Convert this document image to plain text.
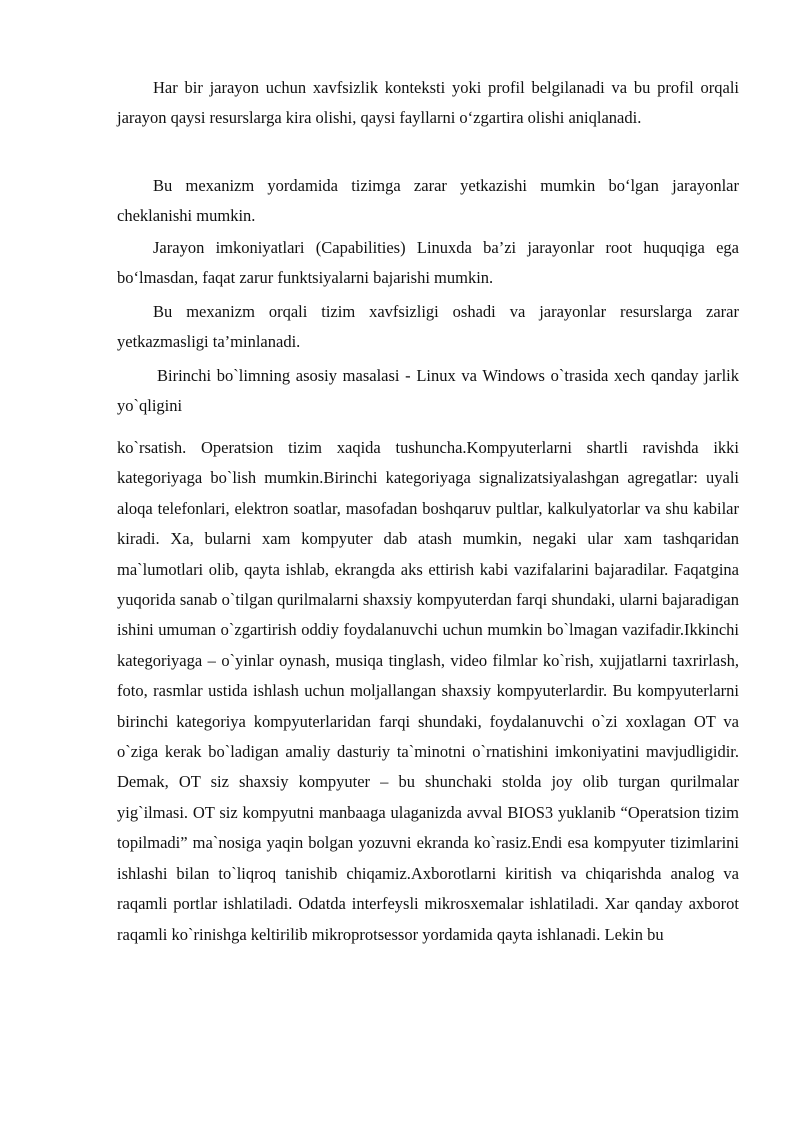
Har bir jarayon uchun xavfsizlik konteksti yoki profil belgilanadi va bu profil orqali jarayon qaysi resurslarga kira olishi, qaysi fayllarni o‘zgartira olishi aniqlanadi.

Bu mexanizm yordamida tizimga zarar yetkazishi mumkin bo‘lgan jarayonlar cheklanishi mumkin.

Jarayon imkoniyatlari (Capabilities) Linuxda ba’zi jarayonlar root huquqiga ega bo‘lmasdan, faqat zarur funktsiyalarni bajarishi mumkin.

Bu mexanizm orqali tizim xavfsizligi oshadi va jarayonlar resurslarga zarar yetkazmasligi ta’minlanadi.

Birinchi bo`limning asosiy masalasi - Linux va Windows o`trasida xech qanday jarlik yo`qligini

ko`rsatish. Operatsion tizim xaqida tushuncha.Kompyuterlarni shartli ravishda ikki kategoriyaga bo`lish mumkin.Birinchi kategoriyaga signalizatsiyalashgan agregatlar: uyali aloqa telefonlari, elektron soatlar, masofadan boshqaruv pultlar, kalkulyatorlar va shu kabilar kiradi. Xa, bularni xam kompyuter dab atash mumkin, negaki ular xam tashqaridan ma`lumotlari olib, qayta ishlab, ekrangda aks ettirish kabi vazifalarini bajaradilar. Faqatgina yuqorida sanab o`tilgan qurilmalarni shaxsiy kompyuterdan farqi shundaki, ularni bajaradigan ishini umuman o`zgartirish oddiy foydalanuvchi uchun mumkin bo`lmagan vazifadir.Ikkinchi kategoriyaga – o`yinlar oynash, musiqa tinglash, video filmlar ko`rish, xujjatlarni taxrirlash, foto, rasmlar ustida ishlash uchun moljallangan shaxsiy kompyuterlardir. Bu kompyuterlarni birinchi kategoriya kompyuterlaridan farqi shundaki, foydalanuvchi o`zi xoxlagan OT va o`ziga kerak bo`ladigan amaliy dasturiy ta`minotni o`rnatishini imkoniyatini mavjudligidir. Demak, OT siz shaxsiy kompyuter – bu shunchaki stolda joy olib turgan qurilmalar yig`ilmasi. OT siz kompyutni manbaaga ulaganizda avval BIOS3 yuklanib “Operatsion tizim topilmadi” ma`nosiga yaqin bolgan yozuvni ekranda ko`rasiz.Endi esa kompyuter tizimlarini ishlashi bilan to`liqroq tanishib chiqamiz.Axborotlarni kiritish va chiqarishda analog va raqamli portlar ishlatiladi. Odatda interfeysli mikrosxemalar ishlatiladi. Xar qanday axborot raqamli ko`rinishga keltirilib mikroprotsessor yordamida qayta ishlanadi. Lekin bu
